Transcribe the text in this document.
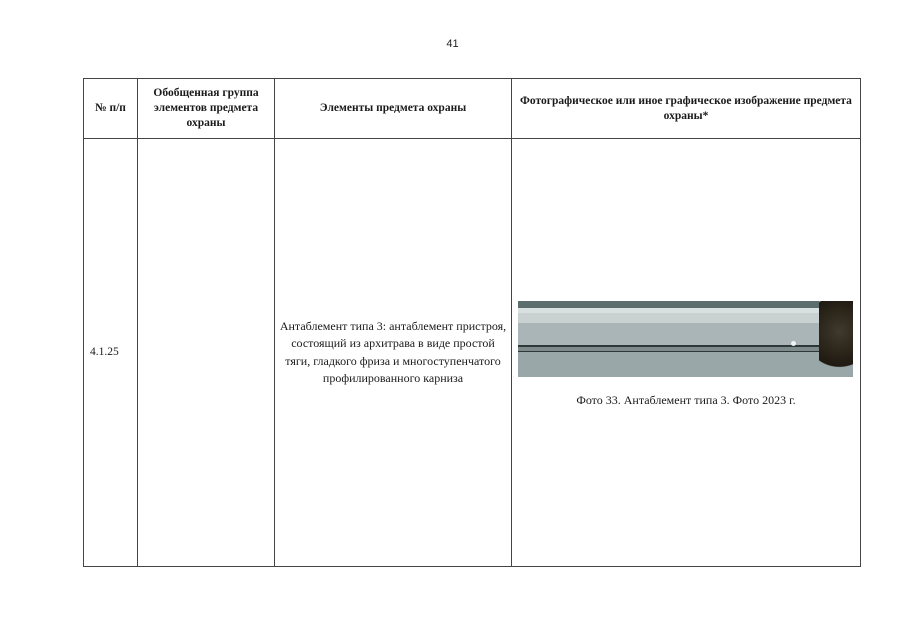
41
№ п/п	Обобщенная группа элементов предмета охраны	Элементы предмета охраны	Фотографическое или иное графическое изображение предмета охраны*
4.1.25		Антаблемент типа 3: антаблемент пристроя, состоящий из архитрава в виде простой тяги, гладкого фриза и многоступенчатого профилированного карниза	Фото 33. Антаблемент типа 3. Фото 2023 г.
